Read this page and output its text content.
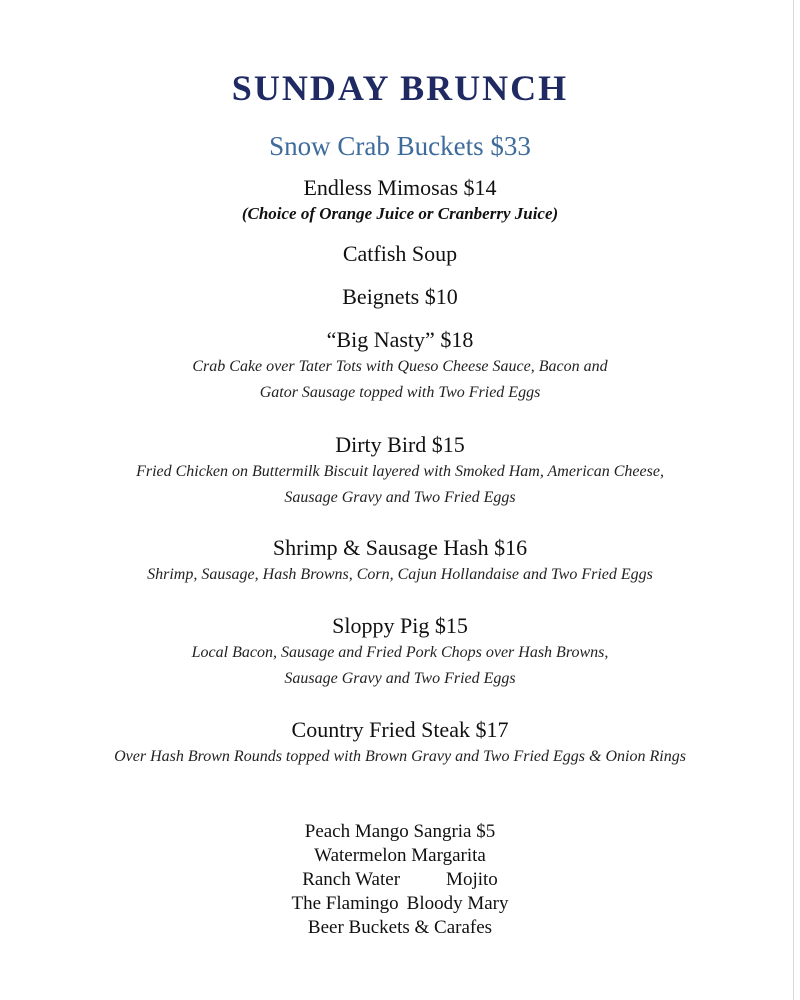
SUNDAY BRUNCH
Snow Crab Buckets $33
Endless Mimosas $14
(Choice of Orange Juice or Cranberry Juice)
Catfish Soup
Beignets $10
“Big Nasty” $18
Crab Cake over Tater Tots with Queso Cheese Sauce, Bacon and
Gator Sausage topped with Two Fried Eggs
Dirty Bird $15
Fried Chicken on Buttermilk Biscuit layered with Smoked Ham, American Cheese,
Sausage Gravy and Two Fried Eggs
Shrimp & Sausage Hash $16
Shrimp, Sausage, Hash Browns, Corn, Cajun Hollandaise and Two Fried Eggs
Sloppy Pig $15
Local Bacon, Sausage and Fried Pork Chops over Hash Browns,
Sausage Gravy and Two Fried Eggs
Country Fried Steak $17
Over Hash Brown Rounds topped with Brown Gravy and Two Fried Eggs & Onion Rings
Peach Mango Sangria $5
Watermelon Margarita
Ranch Water Mojito
The Flamingo Bloody Mary
Beer Buckets & Carafes
